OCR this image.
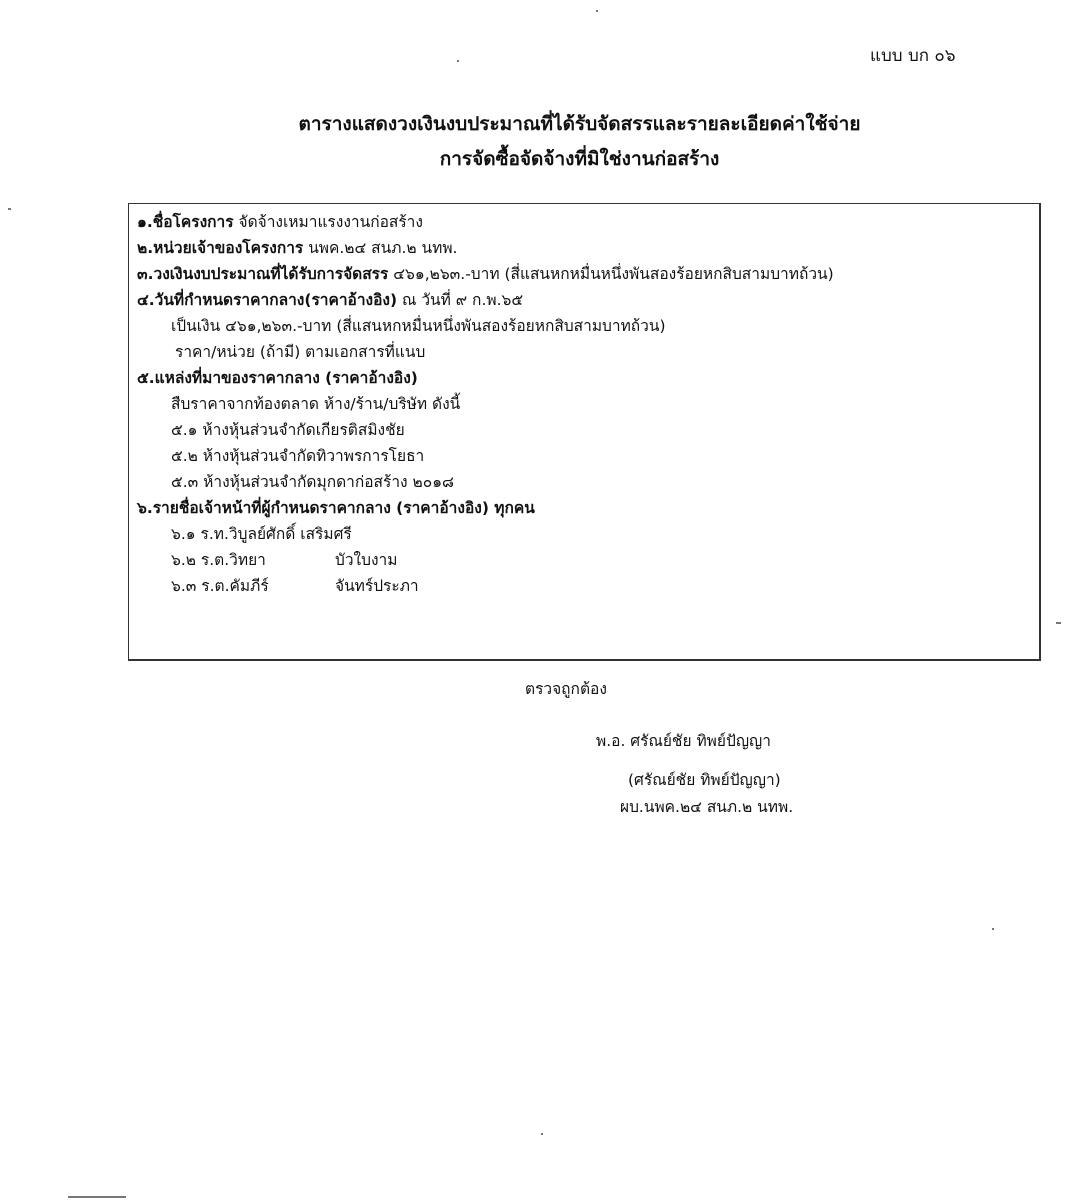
แบบ บก ๐๖
ตารางแสดงวงเงินงบประมาณที่ได้รับจัดสรรและรายละเอียดค่าใช้จ่าย
การจัดซื้อจัดจ้างที่มิใช่งานก่อสร้าง
๑.ชื่อโครงการ จัดจ้างเหมาแรงงานก่อสร้าง
๒.หน่วยเจ้าของโครงการ นพค.๒๔ สนภ.๒ นทพ.
๓.วงเงินงบประมาณที่ได้รับการจัดสรร ๔๖๑,๒๖๓.-บาท (สี่แสนหกหมื่นหนึ่งพันสองร้อยหกสิบสามบาทถ้วน)
๔.วันที่กำหนดราคากลาง(ราคาอ้างอิง) ณ วันที่ ๙ ก.พ.๖๕
เป็นเงิน ๔๖๑,๒๖๓.-บาท (สี่แสนหกหมื่นหนึ่งพันสองร้อยหกสิบสามบาทถ้วน)
ราคา/หน่วย (ถ้ามี) ตามเอกสารที่แนบ
๕.แหล่งที่มาของราคากลาง (ราคาอ้างอิง)
สืบราคาจากท้องตลาด ห้าง/ร้าน/บริษัท ดังนี้
๕.๑ ห้างหุ้นส่วนจำกัดเกียรติสมิงชัย
๕.๒ ห้างหุ้นส่วนจำกัดทิวาพรการโยธา
๕.๓ ห้างหุ้นส่วนจำกัดมุกดาก่อสร้าง ๒๐๑๘
๖.รายชื่อเจ้าหน้าที่ผู้กำหนดราคากลาง (ราคาอ้างอิง) ทุกคน
๖.๑ ร.ท.วิบูลย์ศักดิ์ เสริมศรี
๖.๒ ร.ต.วิทยา	บัวใบงาม
๖.๓ ร.ต.คัมภีร์	จันทร์ประภา
ตรวจถูกต้อง
พ.อ. ศรัณย์ชัย ทิพย์ปัญญา
(ศรัณย์ชัย ทิพย์ปัญญา)
ผบ.นพค.๒๔ สนภ.๒ นทพ.
